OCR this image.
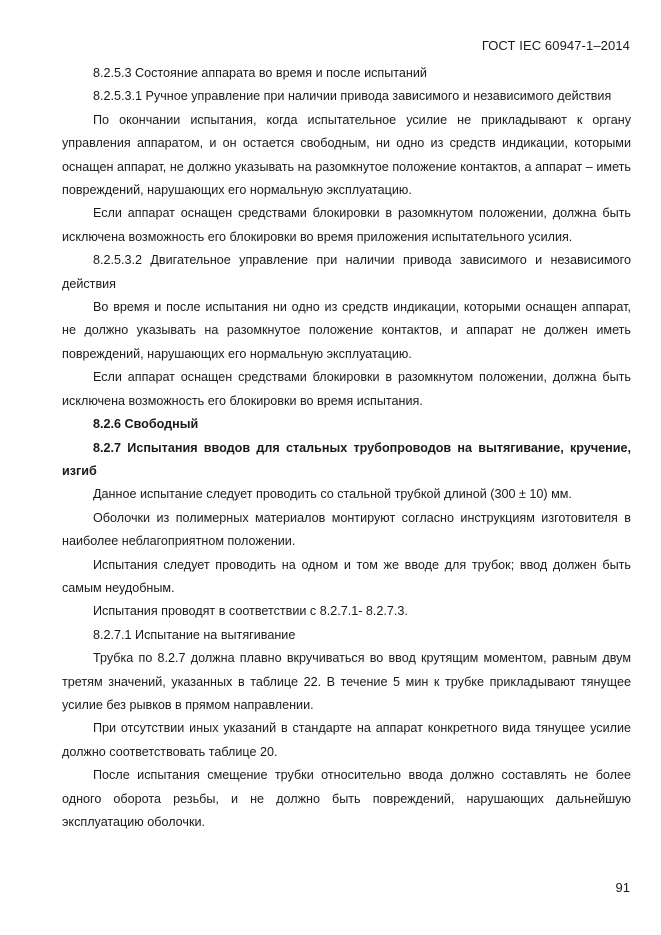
ГОСТ IEC 60947-1–2014

8.2.5.3 Состояние аппарата во время и после испытаний

8.2.5.3.1 Ручное управление при наличии привода зависимого и независимого действия

По окончании испытания, когда испытательное усилие не прикладывают к органу управления аппаратом, и он остается свободным, ни одно из средств индикации, которыми оснащен аппарат, не должно указывать на разомкнутое положение контактов, а аппарат – иметь повреждений, нарушающих его нормальную эксплуатацию.

Если аппарат оснащен средствами блокировки в разомкнутом положении, должна быть исключена возможность его блокировки во время приложения испытательного усилия.

8.2.5.3.2 Двигательное управление при наличии привода зависимого и независимого действия

Во время и после испытания ни одно из средств индикации, которыми оснащен аппарат, не должно указывать на разомкнутое положение контактов, и аппарат не должен иметь повреждений, нарушающих его нормальную эксплуатацию.

Если аппарат оснащен средствами блокировки в разомкнутом положении, должна быть исключена возможность его блокировки во время испытания.

8.2.6 Свободный

8.2.7 Испытания вводов для стальных трубопроводов на вытягивание, кручение, изгиб

Данное испытание следует проводить со стальной трубкой длиной (300 ± 10) мм.

Оболочки из полимерных материалов монтируют согласно инструкциям изготовителя в наиболее неблагоприятном положении.

Испытания следует проводить на одном и том же вводе для трубок; ввод должен быть самым неудобным.

Испытания проводят в соответствии с 8.2.7.1- 8.2.7.3.

8.2.7.1 Испытание на вытягивание

Трубка по 8.2.7 должна плавно вкручиваться во ввод крутящим моментом, равным двум третям значений, указанных в таблице 22. В течение 5 мин к трубке прикладывают тянущее усилие без рывков в прямом направлении.

При отсутствии иных указаний в стандарте на аппарат конкретного вида тянущее усилие должно соответствовать таблице 20.

После испытания смещение трубки относительно ввода должно составлять не более одного оборота резьбы, и не должно быть повреждений, нарушающих дальнейшую эксплуатацию оболочки.

91
